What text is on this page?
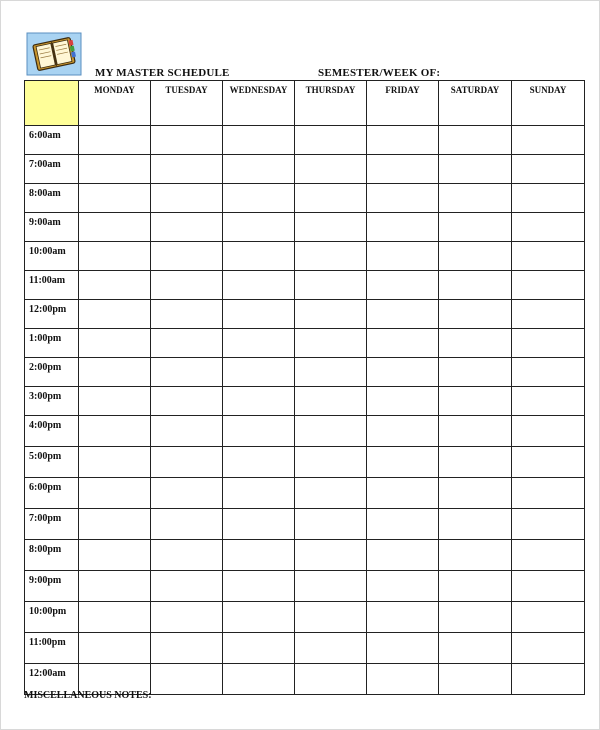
MY MASTER SCHEDULE	SEMESTER/WEEK OF:
	MONDAY	TUESDAY	WEDNESDAY	THURSDAY	FRIDAY	SATURDAY	SUNDAY
6:00am							
7:00am							
8:00am							
9:00am							
10:00am							
11:00am							
12:00pm							
1:00pm							
2:00pm							
3:00pm							
4:00pm							
5:00pm							
6:00pm							
7:00pm							
8:00pm							
9:00pm							
10:00pm							
11:00pm							
12:00am							
MISCELLANEOUS NOTES:
